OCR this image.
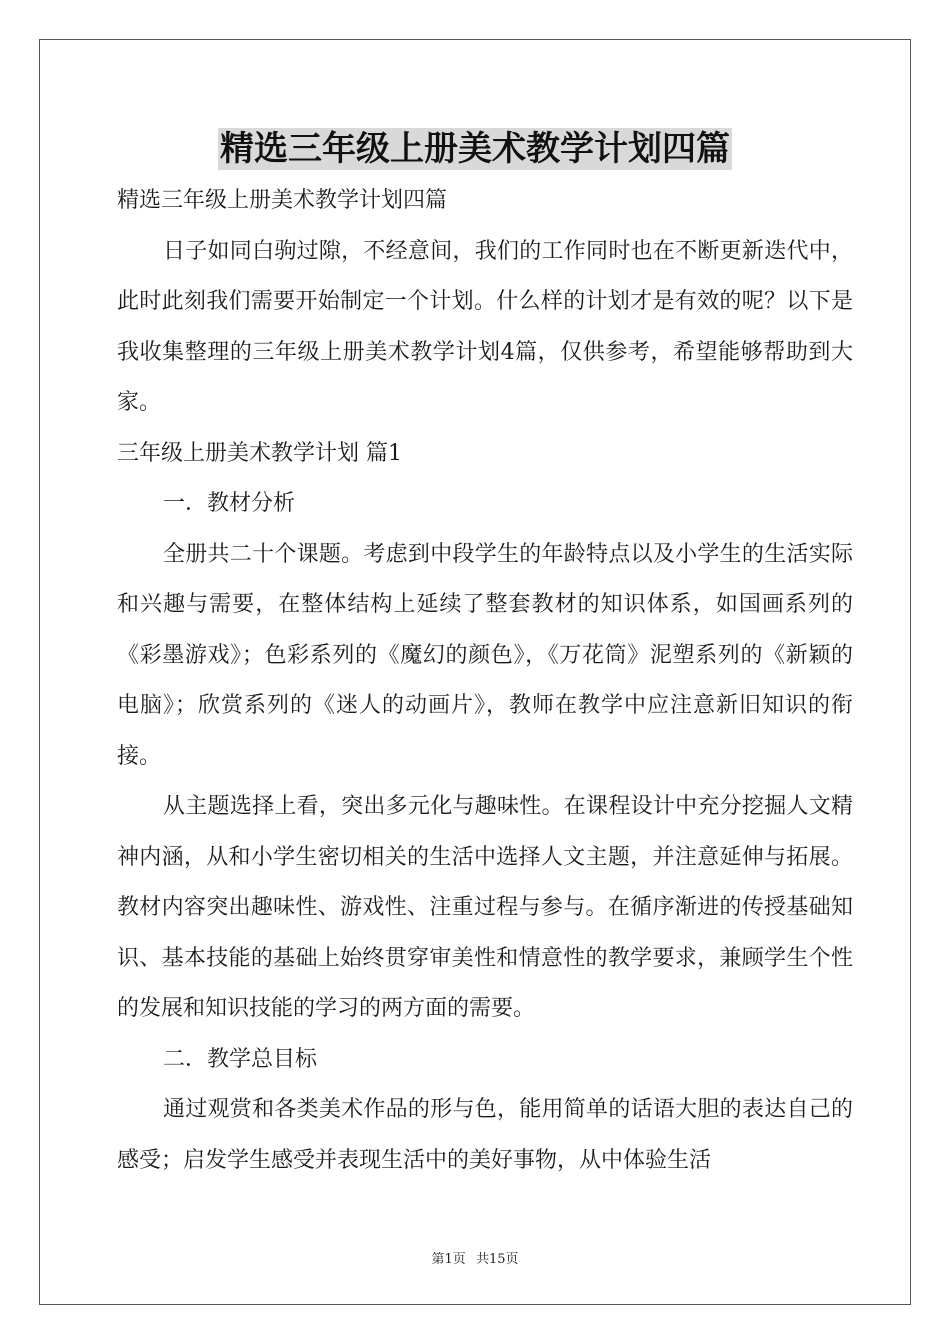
精选三年级上册美术教学计划四篇

精选三年级上册美术教学计划四篇

日子如同白驹过隙，不经意间，我们的工作同时也在不断更新迭代中，此时此刻我们需要开始制定一个计划。什么样的计划才是有效的呢？以下是我收集整理的三年级上册美术教学计划4篇，仅供参考，希望能够帮助到大家。

三年级上册美术教学计划 篇1

一．教材分析

全册共二十个课题。考虑到中段学生的年龄特点以及小学生的生活实际和兴趣与需要，在整体结构上延续了整套教材的知识体系，如国画系列的《彩墨游戏》；色彩系列的《魔幻的颜色》，《万花筒》泥塑系列的《新颖的电脑》；欣赏系列的《迷人的动画片》，教师在教学中应注意新旧知识的衔接。

从主题选择上看，突出多元化与趣味性。在课程设计中充分挖掘人文精神内涵，从和小学生密切相关的生活中选择人文主题，并注意延伸与拓展。教材内容突出趣味性、游戏性、注重过程与参与。在循序渐进的传授基础知识、基本技能的基础上始终贯穿审美性和情意性的教学要求，兼顾学生个性的发展和知识技能的学习的两方面的需要。

二．教学总目标

通过观赏和各类美术作品的形与色，能用简单的话语大胆的表达自己的感受；启发学生感受并表现生活中的美好事物，从中体验生活

第1页 共15页
